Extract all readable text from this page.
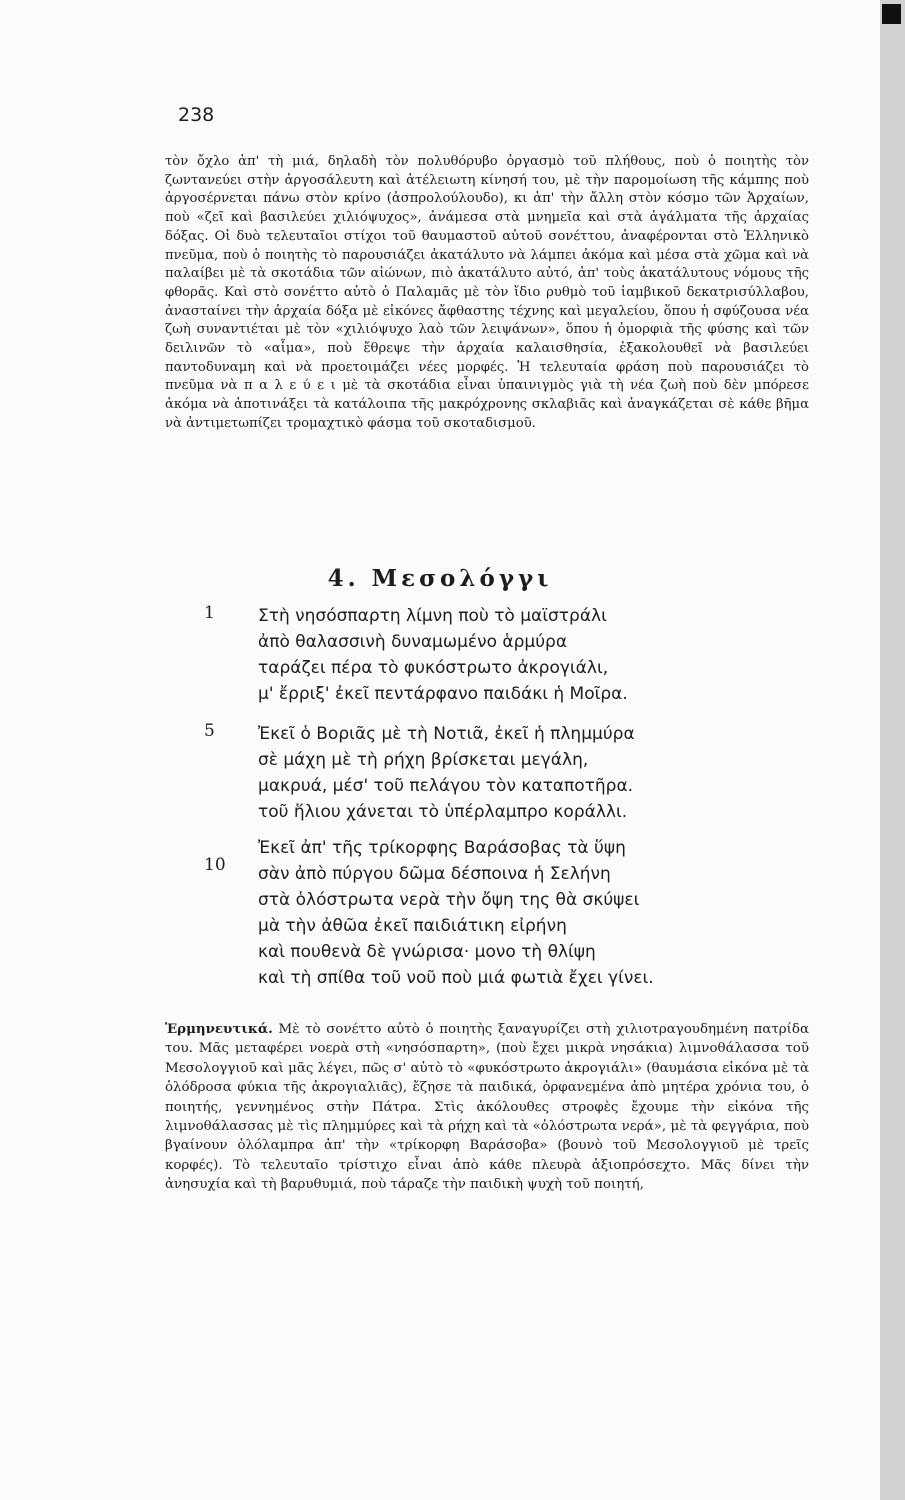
238
τὸν ὄχλο ἀπ' τὴ μιά, δηλαδὴ τὸν πολυθόρυβο ὀργασμὸ τοῦ πλήθους, ποὺ ὁ ποιητὴς τὸν ζωντανεύει στὴν ἀργοσάλευτη καὶ ἀτέλειωτη κίνησή του, μὲ τὴν παρομοίωση τῆς κάμπης ποὺ ἀργοσέρνεται πάνω στὸν κρίνο (ἀσπρολούλουδο), κι ἀπ' τὴν ἄλλη στὸν κόσμο τῶν Ἀρχαίων, ποὺ «ζεῖ καὶ βασιλεύει χιλιόψυχος», ἀνάμεσα στὰ μνημεῖα καὶ στὰ ἀγάλματα τῆς ἀρχαίας δόξας. Οἱ δυὸ τελευταῖοι στίχοι τοῦ θαυμαστοῦ αὐτοῦ σονέττου, ἀναφέρονται στὸ Ἑλληνικὸ πνεῦμα, ποὺ ὁ ποιητὴς τὸ παρουσιάζει ἀκατάλυτο νὰ λάμπει ἀκόμα καὶ μέσα στὰ χῶμα καὶ νὰ παλαίβει μὲ τὰ σκοτάδια τῶν αἰώνων, πιὸ ἀκατάλυτο αὐτό, ἀπ' τοὺς ἀκατάλυτους νόμους τῆς φθορᾶς. Καὶ στὸ σονέττο αὐτὸ ὁ Παλαμᾶς μὲ τὸν ἴδιο ρυθμὸ τοῦ ἰαμβικοῦ δεκατρισύλλαβου, ἀνασταίνει τὴν ἀρχαία δόξα μὲ εἰκόνες ἄφθαστης τέχνης καὶ μεγαλείου, ὅπου ἡ σφύζουσα νέα ζωὴ συναντιέται μὲ τὸν «χιλιόψυχο λαὸ τῶν λειψάνων», ὅπου ἡ ὁμορφιὰ τῆς φύσης καὶ τῶν δειλινῶν τὸ «αἷμα», ποὺ ἔθρεψε τὴν ἀρχαία καλαισθησία, ἐξακολουθεῖ νὰ βασιλεύει παντοδυναμη καὶ νὰ προετοιμάζει νέες μορφές. Ἡ τελευταία φράση ποὺ παρουσιάζει τὸ πνεῦμα νὰ π α λ ε ύ ε ι μὲ τὰ σκοτάδια εἶναι ὑπαινιγμὸς γιὰ τὴ νέα ζωὴ ποὺ δὲν μπόρεσε ἀκόμα νὰ ἀποτινάξει τὰ κατάλοιπα τῆς μακρόχρονης σκλαβιᾶς καὶ ἀναγκάζεται σὲ κάθε βῆμα νὰ ἀντιμετωπίζει τρομαχτικὸ φάσμα τοῦ σκοταδισμοῦ.
4. Μεσολόγγι
1
5
10
Στὴ νησόσπαρτη λίμνη ποὺ τὸ μαϊστράλι
ἀπὸ θαλασσινὴ δυναμωμένο ἁρμύρα
ταράζει πέρα τὸ φυκόστρωτο ἀκρογιάλι,
μ' ἔρριξ' ἐκεῖ πεντάρφανο παιδάκι ἡ Μοῖρα.
Ἐκεῖ ὁ Βοριᾶς μὲ τὴ Νοτιᾶ, ἐκεῖ ἡ πλημμύρα
σὲ μάχη μὲ τὴ ρήχη βρίσκεται μεγάλη,
μακρυά, μέσ' τοῦ πελάγου τὸν καταποτῆρα.
τοῦ ἥλιου χάνεται τὸ ὑπέρλαμπρο κοράλλι.
Ἐκεῖ ἀπ' τῆς τρίκορφης Βαράσοβας τὰ ὕψη
σὰν ἀπὸ πύργου δῶμα δέσποινα ἡ Σελήνη
στὰ ὁλόστρωτα νερὰ τὴν ὄψη της θὰ σκύψει
μὰ τὴν ἀθῶα ἐκεῖ παιδιάτικη εἰρήνη
καὶ πουθενὰ δὲ γνώρισα· μονο τὴ θλίψη
καὶ τὴ σπίθα τοῦ νοῦ ποὺ μιά φωτιὰ ἔχει γίνει.
Ἑρμηνευτικά. Μὲ τὸ σονέττο αὐτὸ ὁ ποιητὴς ξαναγυρίζει στὴ χιλιοτραγουδημένη πατρίδα του. Μᾶς μεταφέρει νοερὰ στὴ «νησόσπαρτη», (ποὺ ἔχει μικρὰ νησάκια) λιμνοθάλασσα τοῦ Μεσολογγιοῦ καὶ μᾶς λέγει, πῶς σ' αὐτὸ τὸ «φυκόστρωτο ἀκρογιάλι» (θαυμάσια εἰκόνα μὲ τὰ ὁλόδροσα φύκια τῆς ἀκρογιαλιᾶς), ἔζησε τὰ παιδικά, ὀρφανεμένα ἀπὸ μητέρα χρόνια του, ὁ ποιητής, γεννημένος στὴν Πάτρα. Στὶς ἀκόλουθες στροφὲς ἔχουμε τὴν εἰκόνα τῆς λιμνοθάλασσας μὲ τὶς πλημμύρες καὶ τὰ ρήχη καὶ τὰ «ὁλόστρωτα νερά», μὲ τὰ φεγγάρια, ποὺ βγαίνουν ὁλόλαμπρα ἀπ' τὴν «τρίκορφη Βαράσοβα» (βουνὸ τοῦ Μεσολογγιοῦ μὲ τρεῖς κορφές). Τὸ τελευταῖο τρίστιχο εἶναι ἀπὸ κάθε πλευρὰ ἀξιοπρόσεχτο. Μᾶς δίνει τὴν ἀνησυχία καὶ τὴ βαρυθυμιά, ποὺ τάραζε τὴν παιδικὴ ψυχὴ τοῦ ποιητή,
